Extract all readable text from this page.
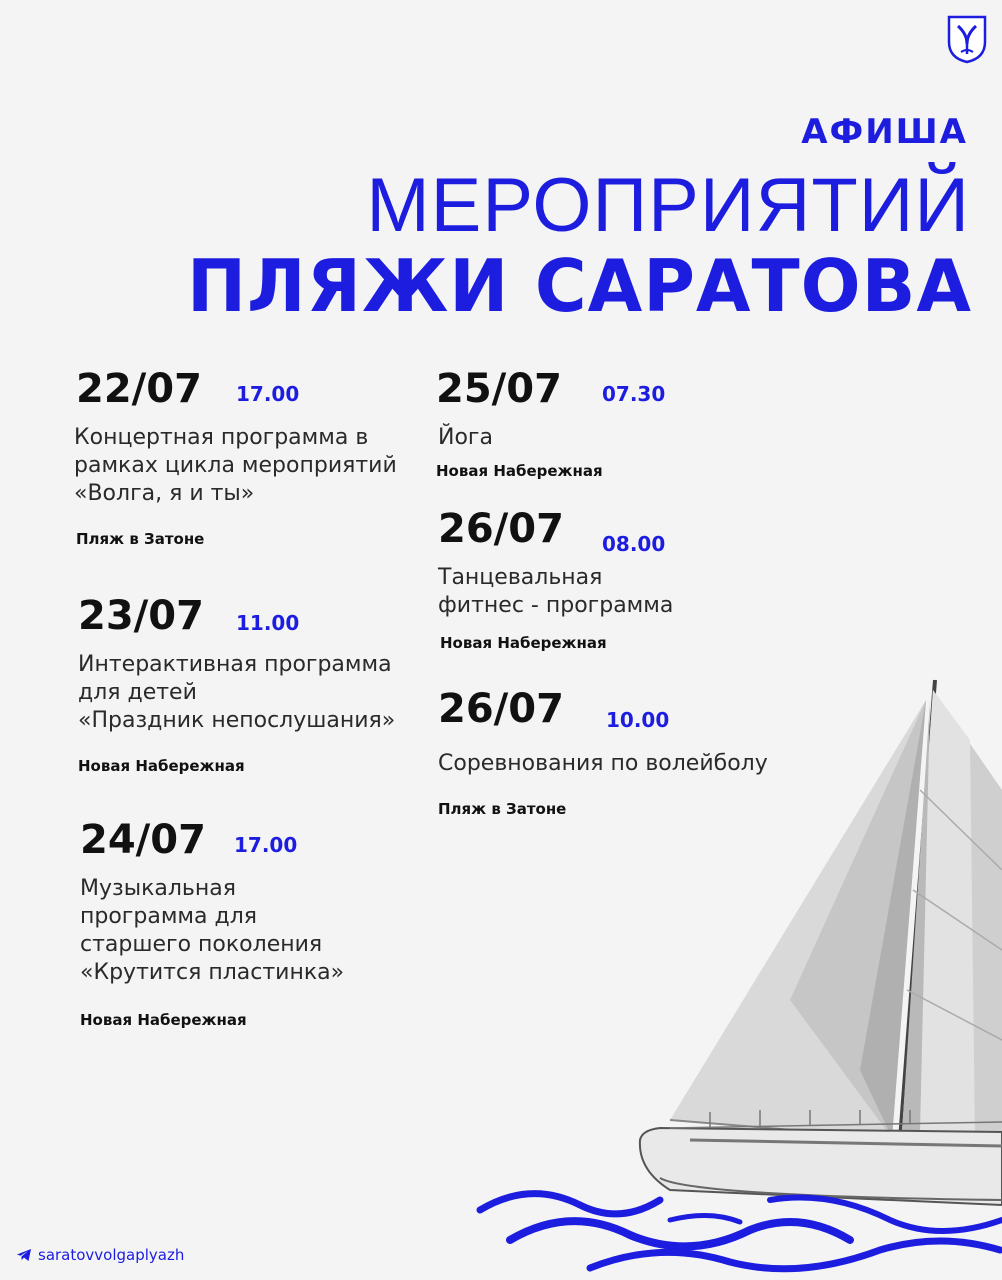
АФИША
МЕРОПРИЯТИЙ
ПЛЯЖИ САРАТОВА
22/07 17.00
Концертная программа в
рамках цикла мероприятий
«Волга, я и ты»
Пляж в Затоне
23/07 11.00
Интерактивная программа
для детей
«Праздник непослушания»
Новая Набережная
24/07 17.00
Музыкальная
программа для
старшего поколения
«Крутится пластинка»
Новая Набережная
25/07 07.30
Йога
Новая Набережная
26/07 08.00
Танцевальная
фитнес - программа
Новая Набережная
26/07 10.00
Соревнования по волейболу
Пляж в Затоне
saratovvolgaplyazh
